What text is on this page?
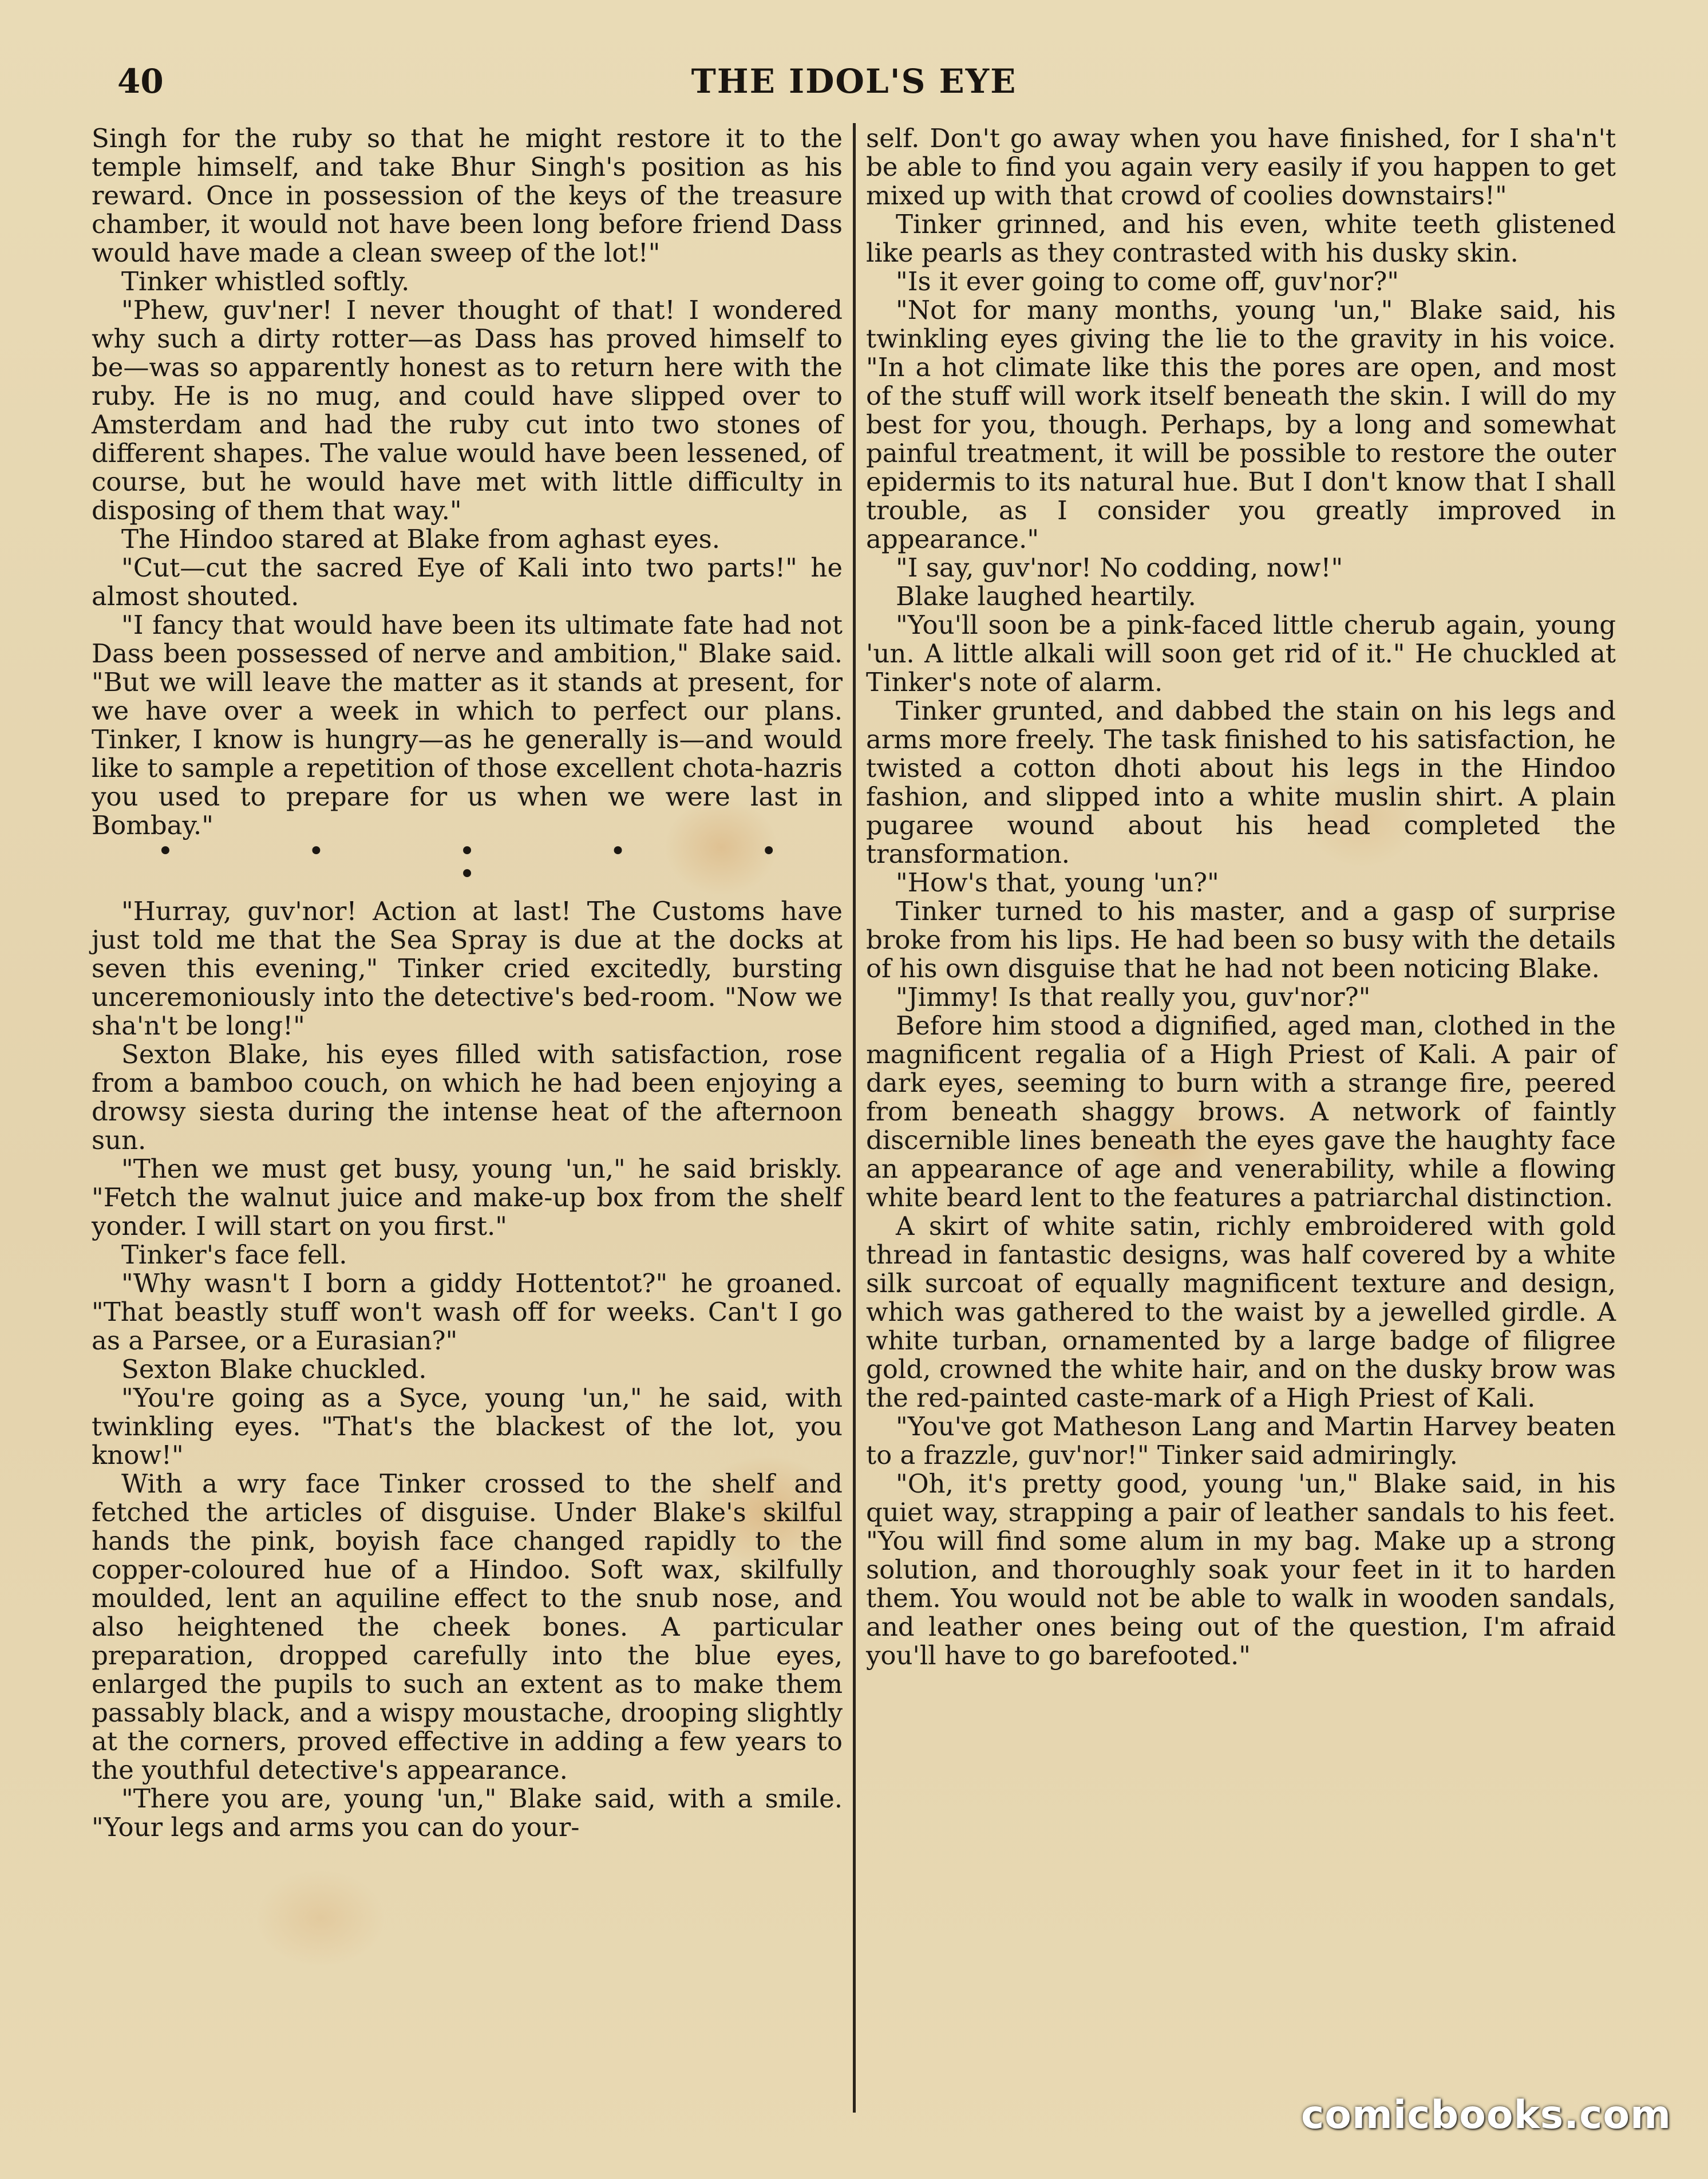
40	THE IDOL'S EYE

Singh for the ruby so that he might restore it to the temple himself, and take Bhur Singh's position as his reward. Once in possession of the keys of the treasure chamber, it would not have been long before friend Dass would have made a clean sweep of the lot!"

Tinker whistled softly.

"Phew, guv'ner! I never thought of that! I wondered why such a dirty rotter—as Dass has proved himself to be—was so apparently honest as to return here with the ruby. He is no mug, and could have slipped over to Amsterdam and had the ruby cut into two stones of different shapes. The value would have been lessened, of course, but he would have met with little difficulty in disposing of them that way."

The Hindoo stared at Blake from aghast eyes.

"Cut—cut the sacred Eye of Kali into two parts!" he almost shouted.

"I fancy that would have been its ultimate fate had not Dass been possessed of nerve and ambition," Blake said. "But we will leave the matter as it stands at present, for we have over a week in which to perfect our plans. Tinker, I know is hungry—as he generally is—and would like to sample a repetition of those excellent chota-hazris you used to prepare for us when we were last in Bombay."

• • • • • •

"Hurray, guv'nor! Action at last! The Customs have just told me that the Sea Spray is due at the docks at seven this evening," Tinker cried excitedly, bursting unceremoniously into the detective's bed-room. "Now we sha'n't be long!"

Sexton Blake, his eyes filled with satisfaction, rose from a bamboo couch, on which he had been enjoying a drowsy siesta during the intense heat of the afternoon sun.

"Then we must get busy, young 'un," he said briskly. "Fetch the walnut juice and make-up box from the shelf yonder. I will start on you first."

Tinker's face fell.

"Why wasn't I born a giddy Hottentot?" he groaned. "That beastly stuff won't wash off for weeks. Can't I go as a Parsee, or a Eurasian?"

Sexton Blake chuckled.

"You're going as a Syce, young 'un," he said, with twinkling eyes. "That's the blackest of the lot, you know!"

With a wry face Tinker crossed to the shelf and fetched the articles of disguise. Under Blake's skilful hands the pink, boyish face changed rapidly to the copper-coloured hue of a Hindoo. Soft wax, skilfully moulded, lent an aquiline effect to the snub nose, and also heightened the cheek bones. A particular preparation, dropped carefully into the blue eyes, enlarged the pupils to such an extent as to make them passably black, and a wispy moustache, drooping slightly at the corners, proved effective in adding a few years to the youthful detective's appearance.

"There you are, young 'un," Blake said, with a smile. "Your legs and arms you can do your-

self. Don't go away when you have finished, for I sha'n't be able to find you again very easily if you happen to get mixed up with that crowd of coolies downstairs!"

Tinker grinned, and his even, white teeth glistened like pearls as they contrasted with his dusky skin.

"Is it ever going to come off, guv'nor?"

"Not for many months, young 'un," Blake said, his twinkling eyes giving the lie to the gravity in his voice. "In a hot climate like this the pores are open, and most of the stuff will work itself beneath the skin. I will do my best for you, though. Perhaps, by a long and somewhat painful treatment, it will be possible to restore the outer epidermis to its natural hue. But I don't know that I shall trouble, as I consider you greatly improved in appearance."

"I say, guv'nor! No codding, now!"

Blake laughed heartily.

"You'll soon be a pink-faced little cherub again, young 'un. A little alkali will soon get rid of it." He chuckled at Tinker's note of alarm.

Tinker grunted, and dabbed the stain on his legs and arms more freely. The task finished to his satisfaction, he twisted a cotton dhoti about his legs in the Hindoo fashion, and slipped into a white muslin shirt. A plain pugaree wound about his head completed the transformation.

"How's that, young 'un?"

Tinker turned to his master, and a gasp of surprise broke from his lips. He had been so busy with the details of his own disguise that he had not been noticing Blake.

"Jimmy! Is that really you, guv'nor?"

Before him stood a dignified, aged man, clothed in the magnificent regalia of a High Priest of Kali. A pair of dark eyes, seeming to burn with a strange fire, peered from beneath shaggy brows. A network of faintly discernible lines beneath the eyes gave the haughty face an appearance of age and venerability, while a flowing white beard lent to the features a patriarchal distinction.

A skirt of white satin, richly embroidered with gold thread in fantastic designs, was half covered by a white silk surcoat of equally magnificent texture and design, which was gathered to the waist by a jewelled girdle. A white turban, ornamented by a large badge of filigree gold, crowned the white hair, and on the dusky brow was the red-painted caste-mark of a High Priest of Kali.

"You've got Matheson Lang and Martin Harvey beaten to a frazzle, guv'nor!" Tinker said admiringly.

"Oh, it's pretty good, young 'un," Blake said, in his quiet way, strapping a pair of leather sandals to his feet. "You will find some alum in my bag. Make up a strong solution, and thoroughly soak your feet in it to harden them. You would not be able to walk in wooden sandals, and leather ones being out of the question, I'm afraid you'll have to go barefooted."

comicbooks.com
